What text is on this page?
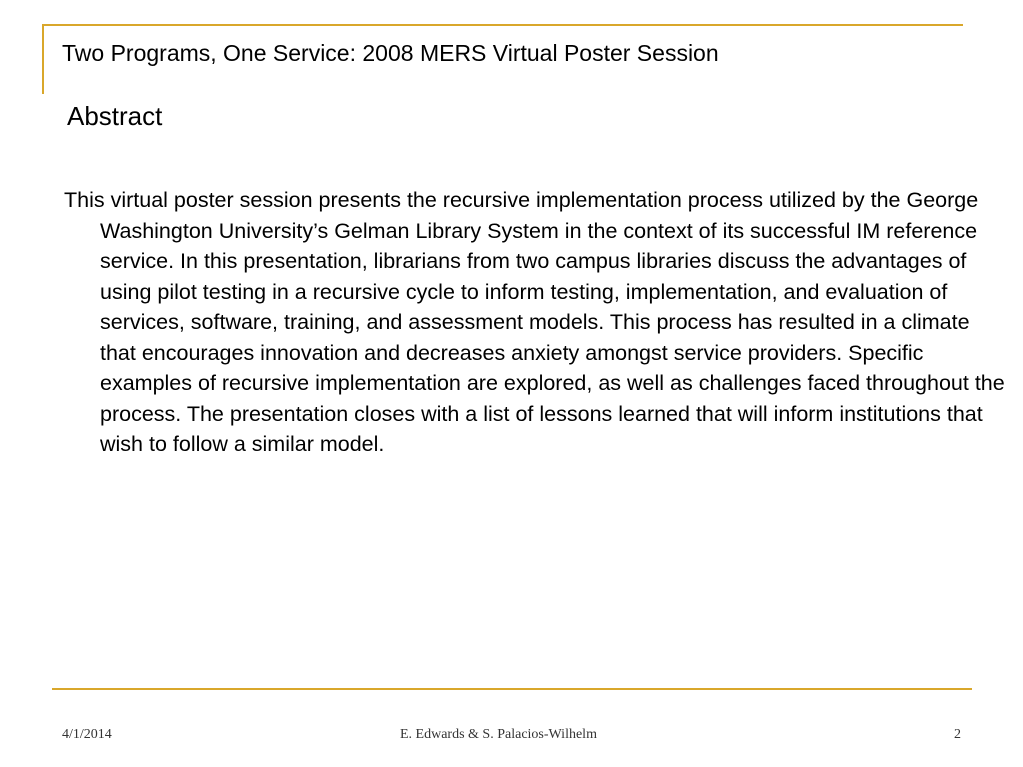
Two Programs, One Service: 2008 MERS Virtual Poster Session
Abstract

This virtual poster session presents the recursive implementation process utilized by the George Washington University’s Gelman Library System in the context of its successful IM reference service. In this presentation, librarians from two campus libraries discuss the advantages of using pilot testing in a recursive cycle to inform testing, implementation, and evaluation of services, software, training, and assessment models. This process has resulted in a climate that encourages innovation and decreases anxiety amongst service providers. Specific examples of recursive implementation are explored, as well as challenges faced throughout the process. The presentation closes with a list of lessons learned that will inform institutions that wish to follow a similar model.

4/1/2014	E. Edwards & S. Palacios-Wilhelm	2
